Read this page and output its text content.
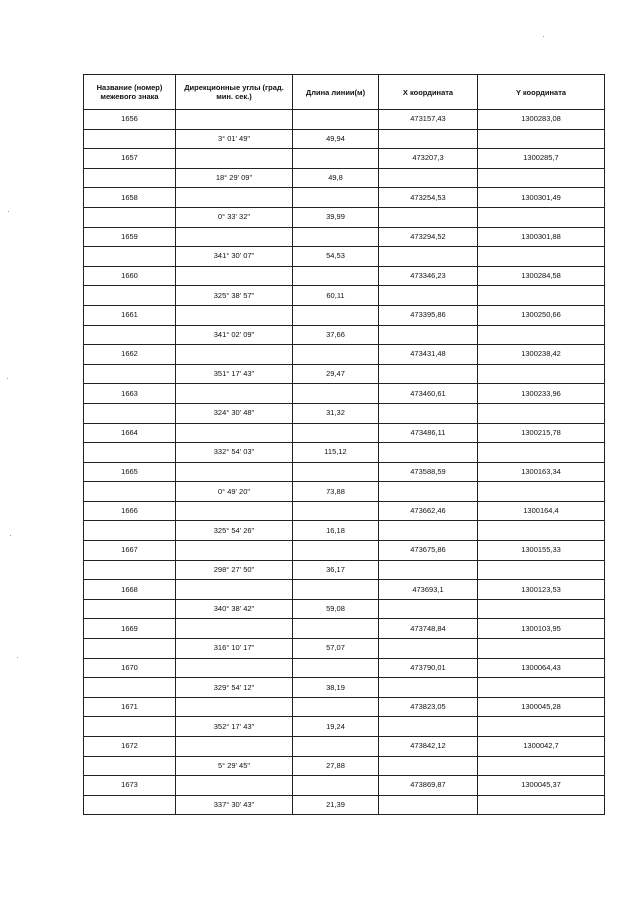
Название (номер) межевого знака	Дирекционные углы (град. мин. сек.)	Длина линии(м)	X координата	Y координата
1656			473157,43	1300283,08
	3° 01' 49"	49,94		
1657			473207,3	1300285,7
	18° 29' 09"	49,8		
1658			473254,53	1300301,49
	0° 33' 32"	39,99		
1659			473294,52	1300301,88
	341° 30' 07"	54,53		
1660			473346,23	1300284,58
	325° 38' 57"	60,11		
1661			473395,86	1300250,66
	341° 02' 09"	37,66		
1662			473431,48	1300238,42
	351° 17' 43"	29,47		
1663			473460,61	1300233,96
	324° 30' 48"	31,32		
1664			473486,11	1300215,78
	332° 54' 03"	115,12		
1665			473588,59	1300163,34
	0° 49' 20"	73,88		
1666			473662,46	1300164,4
	325° 54' 26"	16,18		
1667			473675,86	1300155,33
	298° 27' 50"	36,17		
1668			473693,1	1300123,53
	340° 38' 42"	59,08		
1669			473748,84	1300103,95
	316° 10' 17"	57,07		
1670			473790,01	1300064,43
	329° 54' 12"	38,19		
1671			473823,05	1300045,28
	352° 17' 43"	19,24		
1672			473842,12	1300042,7
	5° 29' 45"	27,88		
1673			473869,87	1300045,37
	337° 30' 43"	21,39		
